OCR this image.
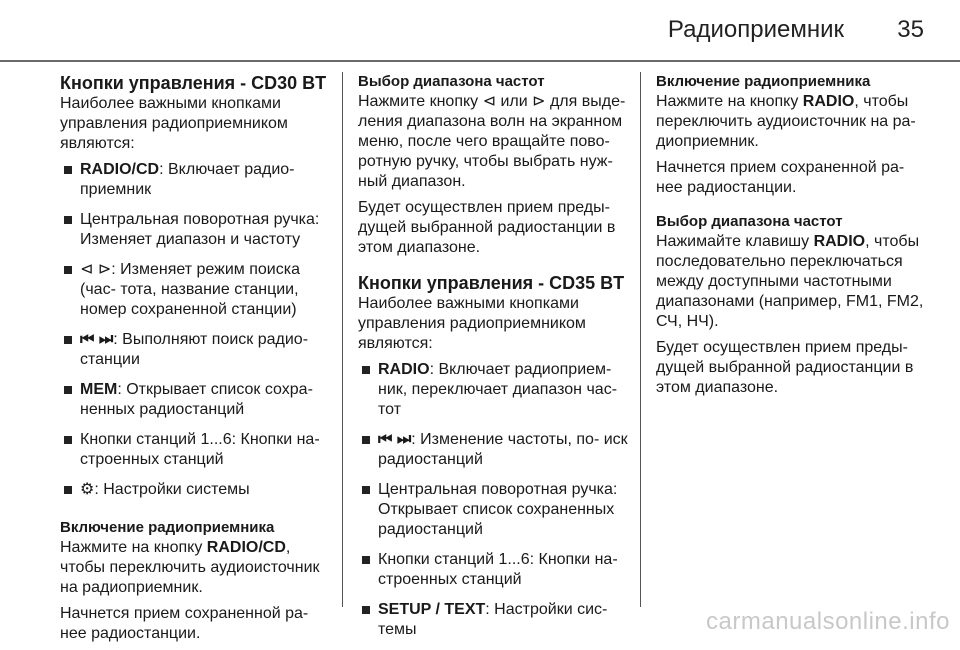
Радиоприемник 35
Кнопки управления - CD30 BT

Наиболее важными кнопками управления радиоприемником являются:

RADIO/CD: Включает радио- приемник
Центральная поворотная ручка: Изменяет диапазон и частоту
⊲ ⊳: Изменяет режим поиска (час- тота, название станции, номер сохраненной станции)
⏮ ⏭: Выполняют поиск радио- станции
MEM: Открывает список сохра- ненных радиостанций
Кнопки станций 1...6: Кнопки на- строенных станций
⚙: Настройки системы
Включение радиоприемника

Нажмите на кнопку RADIO/CD, чтобы переключить аудиоисточник на радиоприемник.

Начнется прием сохраненной ра- нее радиостанции.

Выбор диапазона частот

Нажмите кнопку ⊲ или ⊳ для выде- ления диапазона волн на экранном меню, после чего вращайте пово- ротную ручку, чтобы выбрать нуж- ный диапазон.

Будет осуществлен прием преды- дущей выбранной радиостанции в этом диапазоне.

Кнопки управления - CD35 BT

Наиболее важными кнопками управления радиоприемником являются:

RADIO: Включает радиоприем- ник, переключает диапазон час- тот
⏮ ⏭: Изменение частоты, по- иск радиостанций
Центральная поворотная ручка: Открывает список сохраненных радиостанций
Кнопки станций 1...6: Кнопки на- строенных станций
SETUP / TEXT: Настройки сис- темы
Включение радиоприемника

Нажмите на кнопку RADIO, чтобы переключить аудиоисточник на ра- диоприемник.

Начнется прием сохраненной ра- нее радиостанции.

Выбор диапазона частот

Нажимайте клавишу RADIO, чтобы последовательно переключаться между доступными частотными диапазонами (например, FM1, FM2, СЧ, НЧ).

Будет осуществлен прием преды- дущей выбранной радиостанции в этом диапазоне.

carmanualsonline.info
